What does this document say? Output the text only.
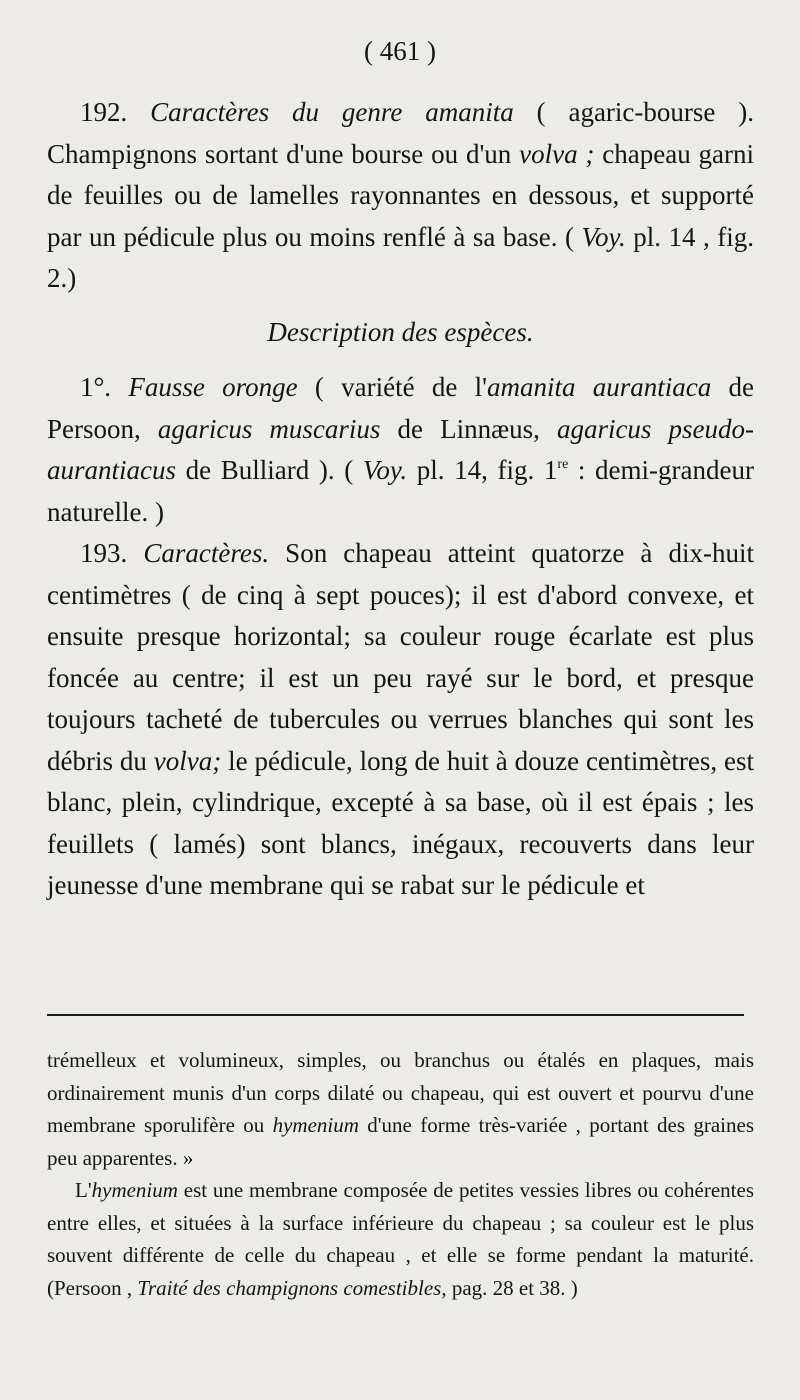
( 461 )

192. Caractères du genre amanita ( agaric-bourse ). Champignons sortant d'une bourse ou d'un volva ; chapeau garni de feuilles ou de lamelles rayonnantes en dessous, et supporté par un pédicule plus ou moins renflé à sa base. ( Voy. pl. 14 , fig. 2.)

Description des espèces.

1°. Fausse oronge ( variété de l'amanita aurantiaca de Persoon, agaricus muscarius de Linnæus, agaricus pseudo-aurantiacus de Bulliard ). ( Voy. pl. 14, fig. 1re : demi-grandeur naturelle. )

193. Caractères. Son chapeau atteint quatorze à dix-huit centimètres ( de cinq à sept pouces); il est d'abord convexe, et ensuite presque horizontal; sa couleur rouge écarlate est plus foncée au centre; il est un peu rayé sur le bord, et presque toujours tacheté de tubercules ou verrues blanches qui sont les débris du volva; le pédicule, long de huit à douze centimètres, est blanc, plein, cylindrique, excepté à sa base, où il est épais ; les feuillets ( lamés) sont blancs, inégaux, recouverts dans leur jeunesse d'une membrane qui se rabat sur le pédicule et

trémelleux et volumineux, simples, ou branchus ou étalés en plaques, mais ordinairement munis d'un corps dilaté ou chapeau, qui est ouvert et pourvu d'une membrane sporulifère ou hymenium d'une forme très-variée , portant des graines peu apparentes. »

L'hymenium est une membrane composée de petites vessies libres ou cohérentes entre elles, et situées à la surface inférieure du chapeau ; sa couleur est le plus souvent différente de celle du chapeau , et elle se forme pendant la maturité. (Persoon , Traité des champignons comestibles, pag. 28 et 38. )
